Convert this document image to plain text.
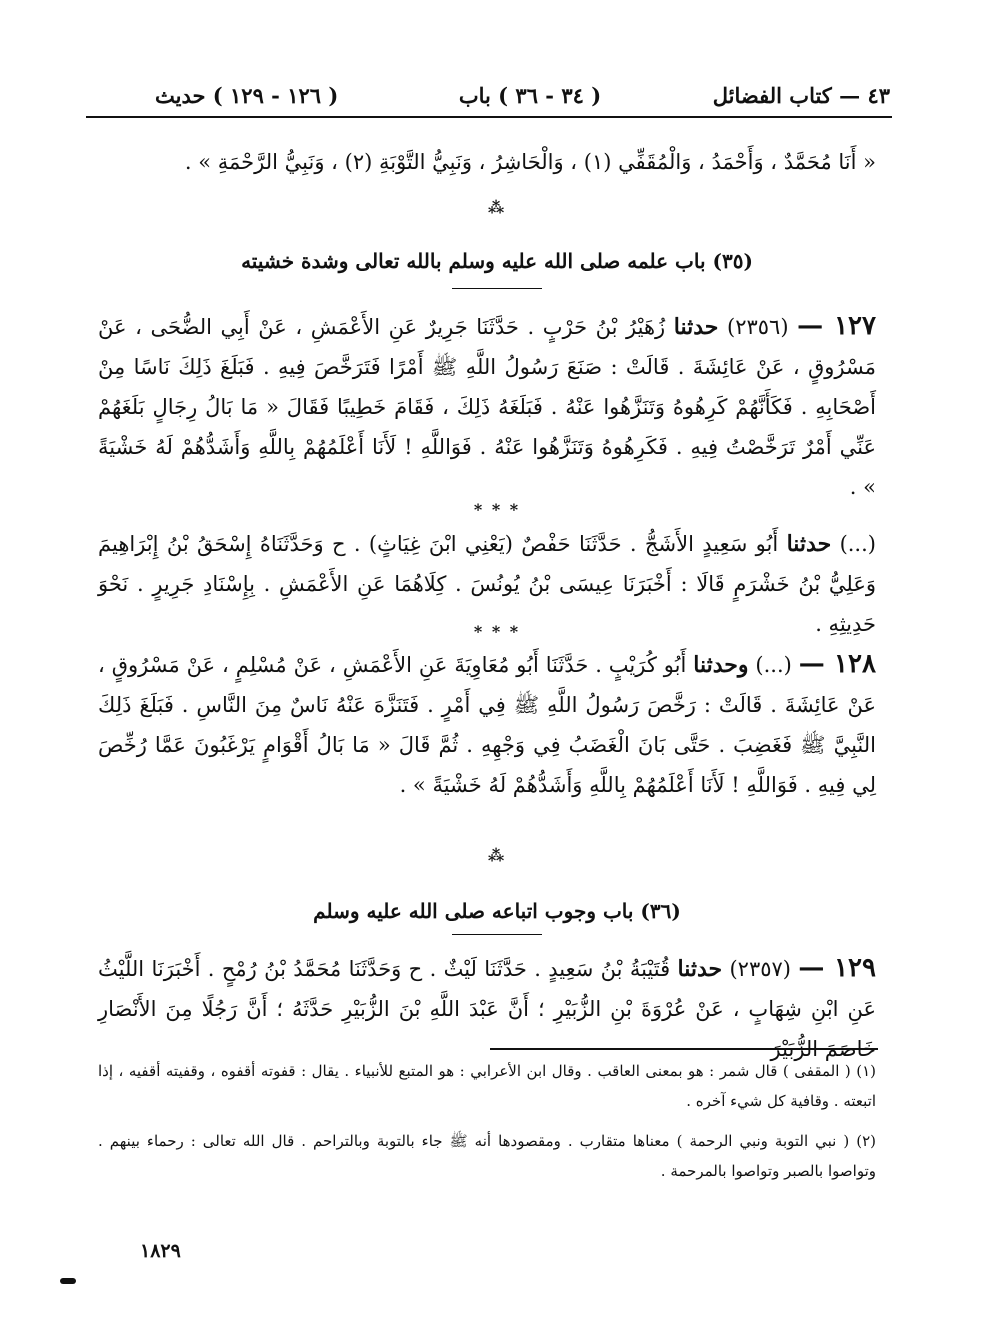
٤٣ — كتاب الفضائل
( ٣٤ - ٣٦ ) باب
( ١٢٦ - ١٢٩ ) حديث
« أَنَا مُحَمَّدٌ ، وَأَحْمَدُ ، وَالْمُقَفِّي (١) ، وَالْحَاشِرُ ، وَنَبِيُّ التَّوْبَةِ (٢) ، وَنَبِيُّ الرَّحْمَةِ » .
⁂
(٣٥) باب علمه صلى الله عليه وسلم بالله تعالى وشدة خشيته
١٢٧ — (٢٣٥٦) حدثنا زُهَيْرُ بْنُ حَرْبٍ . حَدَّثَنَا جَرِيرٌ عَنِ الأَعْمَشِ ، عَنْ أَبِي الضُّحَى ، عَنْ مَسْرُوقٍ ، عَنْ عَائِشَةَ . قَالَتْ : صَنَعَ رَسُولُ اللَّهِ ﷺ أَمْرًا فَتَرَخَّصَ فِيهِ . فَبَلَغَ ذَلِكَ نَاسًا مِنْ أَصْحَابِهِ . فَكَأَنَّهُمْ كَرِهُوهُ وَتَنَزَّهُوا عَنْهُ . فَبَلَغَهُ ذَلِكَ ، فَقَامَ خَطِيبًا فَقَالَ « مَا بَالُ رِجَالٍ بَلَغَهُمْ عَنِّي أَمْرٌ تَرَخَّصْتُ فِيهِ . فَكَرِهُوهُ وَتَنَزَّهُوا عَنْهُ . فَوَاللَّهِ ! لَأَنَا أَعْلَمُهُمْ بِاللَّهِ وَأَشَدُّهُمْ لَهُ خَشْيَةً » .
* * *
(...) حدثنا أَبُو سَعِيدٍ الأَشَجُّ . حَدَّثَنَا حَفْصٌ (يَعْنِي ابْنَ غِيَاثٍ) . ح وَحَدَّثَنَاهُ إِسْحَقُ بْنُ إِبْرَاهِيمَ وَعَلِيُّ بْنُ خَشْرَمٍ قَالَا : أَخْبَرَنَا عِيسَى بْنُ يُونُسَ . كِلَاهُمَا عَنِ الأَعْمَشِ . بِإِسْنَادِ جَرِيرٍ . نَحْوَ حَدِيثِهِ .
* * *
١٢٨ — (...) وحدثنا أَبُو كُرَيْبٍ . حَدَّثَنَا أَبُو مُعَاوِيَةَ عَنِ الأَعْمَشِ ، عَنْ مُسْلِمٍ ، عَنْ مَسْرُوقٍ ، عَنْ عَائِشَةَ . قَالَتْ : رَخَّصَ رَسُولُ اللَّهِ ﷺ فِي أَمْرٍ . فَتَنَزَّهَ عَنْهُ نَاسٌ مِنَ النَّاسِ . فَبَلَغَ ذَلِكَ النَّبِيَّ ﷺ فَغَضِبَ . حَتَّى بَانَ الْغَضَبُ فِي وَجْهِهِ . ثُمَّ قَالَ « مَا بَالُ أَقْوَامٍ يَرْغَبُونَ عَمَّا رُخِّصَ لِي فِيهِ . فَوَاللَّهِ ! لَأَنَا أَعْلَمُهُمْ بِاللَّهِ وَأَشَدُّهُمْ لَهُ خَشْيَةً » .
⁂
(٣٦) باب وجوب اتباعه صلى الله عليه وسلم
١٢٩ — (٢٣٥٧) حدثنا قُتَيْبَةُ بْنُ سَعِيدٍ . حَدَّثَنَا لَيْثٌ . ح وَحَدَّثَنَا مُحَمَّدُ بْنُ رُمْحٍ . أَخْبَرَنَا اللَّيْثُ عَنِ ابْنِ شِهَابٍ ، عَنْ عُرْوَةَ بْنِ الزُّبَيْرِ ؛ أَنَّ عَبْدَ اللَّهِ بْنَ الزُّبَيْرِ حَدَّثَهُ ؛ أَنَّ رَجُلًا مِنَ الأَنْصَارِ خَاصَمَ الزُّبَيْرَ
(١) ( المقفى ) قال شمر : هو بمعنى العاقب . وقال ابن الأعرابي : هو المتبع للأنبياء . يقال : قفوته أقفوه ، وقفيته أقفيه ، إذا اتبعته . وقافية كل شيء آخره .
(٢) ( نبي التوبة ونبي الرحمة ) معناها متقارب . ومقصودها أنه ﷺ جاء بالتوبة وبالتراحم . قال الله تعالى : رحماء بينهم . وتواصوا بالصبر وتواصوا بالمرحمة .
١٨٢٩
